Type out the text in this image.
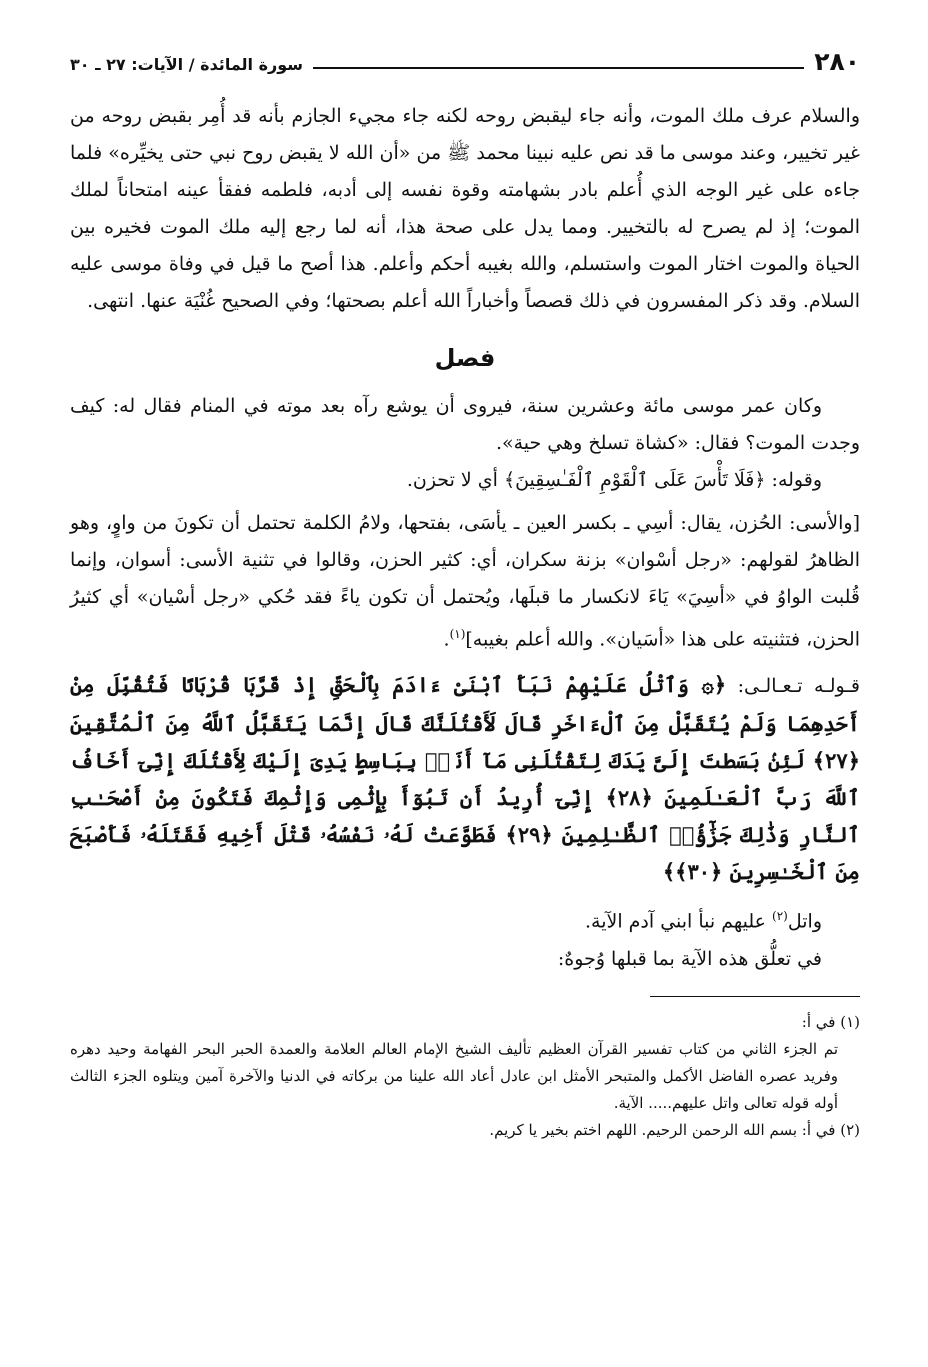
٢٨٠
سورة المائدة / الآيات: ٢٧ ـ ٣٠

والسلام عرف ملك الموت، وأنه جاء ليقبض روحه لكنه جاء مجيء الجازم بأنه قد أُمِر بقبض روحه من غير تخيير، وعند موسى ما قد نص عليه نبينا محمد ﷺ من «أن الله لا يقبض روح نبي حتى يخيِّره» فلما جاءه على غير الوجه الذي أُعلم بادر بشهامته وقوة نفسه إلى أدبه، فلطمه ففقأ عينه امتحاناً لملك الموت؛ إذ لم يصرح له بالتخيير. ومما يدل على صحة هذا، أنه لما رجع إليه ملك الموت فخيره بين الحياة والموت اختار الموت واستسلم، والله بغيبه أحكم وأعلم. هذا أصح ما قيل في وفاة موسى عليه السلام. وقد ذكر المفسرون في ذلك قصصاً وأخباراً الله أعلم بصحتها؛ وفي الصحيح غُنْيَة عنها. انتهى.

فصل

وكان عمر موسى مائة وعشرين سنة، فيروى أن يوشع رآه بعد موته في المنام فقال له: كيف وجدت الموت؟ فقال: «كشاة تسلخ وهي حية».

وقوله: ﴿فَلَا تَأْسَ عَلَى ٱلْقَوْمِ ٱلْفَـٰسِقِينَ﴾ أي لا تحزن.

[والأسى: الحُزن، يقال: أسِي ـ بكسر العين ـ يأسَى، بفتحها، ولامُ الكلمة تحتمل أن تكونَ من واوٍ، وهو الظاهرُ لقولهم: «رجل أسْوان» بزنة سكران، أي: كثير الحزن، وقالوا في تثنية الأسى: أسوان، وإنما قُلبت الواوُ في «أسِيَ» يَاءَ لانكسار ما قبلَها، ويُحتمل أن تكون ياءً فقد حُكي «رجل أسْيان» أي كثيرُ الحزن، فتثنيته على هذا «أسَيان». والله أعلم بغيبه]$^{(١)}$.

قـولـه تـعـالـى: ﴿۞ وَٱتْلُ عَلَيْهِمْ نَبَأَ ٱبْنَىْ ءَادَمَ بِٱلْحَقِّ إِذْ قَرَّبَا قُرْبَانًا فَتُقُبِّلَ مِنْ أَحَدِهِمَا وَلَمْ يُتَقَبَّلْ مِنَ ٱلْءَاخَرِ قَالَ لَأَقْتُلَنَّكَ قَالَ إِنَّمَا يَتَقَبَّلُ ٱللَّهُ مِنَ ٱلْمُتَّقِينَ ﴿٢٧﴾ لَئِنۢ بَسَطتَ إِلَىَّ يَدَكَ لِتَقْتُلَنِى مَآ أَنَا۠ بِبَاسِطٍ يَدِىَ إِلَيْكَ لِأَقْتُلَكَ إِنِّىٓ أَخَافُ ٱللَّهَ رَبَّ ٱلْعَـٰلَمِينَ ﴿٢٨﴾ إِنِّىٓ أُرِيدُ أَن تَبُوٓأَ بِإِثْمِى وَإِثْمِكَ فَتَكُونَ مِنْ أَصْحَـٰبِ ٱلنَّارِ وَذَٰلِكَ جَزَٰٓؤُا۟ ٱلظَّـٰلِمِينَ ﴿٢٩﴾ فَطَوَّعَتْ لَهُۥ نَفْسُهُۥ قَتْلَ أَخِيهِ فَقَتَلَهُۥ فَأَصْبَحَ مِنَ ٱلْخَـٰسِرِينَ ﴿٣٠﴾﴾

واتل$^{(٢)}$ عليهم نبأ ابني آدم الآية.

في تعلُّق هذه الآية بما قبلها وُجوهٌ:

(١) في أ:

تم الجزء الثاني من كتاب تفسير القرآن العظيم تأليف الشيخ الإمام العالم العلامة والعمدة الحبر البحر الفهامة وحيد دهره وفريد عصره الفاضل الأكمل والمتبحر الأمثل ابن عادل أعاد الله علينا من بركاته في الدنيا والآخرة آمين ويتلوه الجزء الثالث أوله قوله تعالى واتل عليهم..... الآية.

(٢) في أ: بسم الله الرحمن الرحيم. اللهم اختم بخير يا كريم.
